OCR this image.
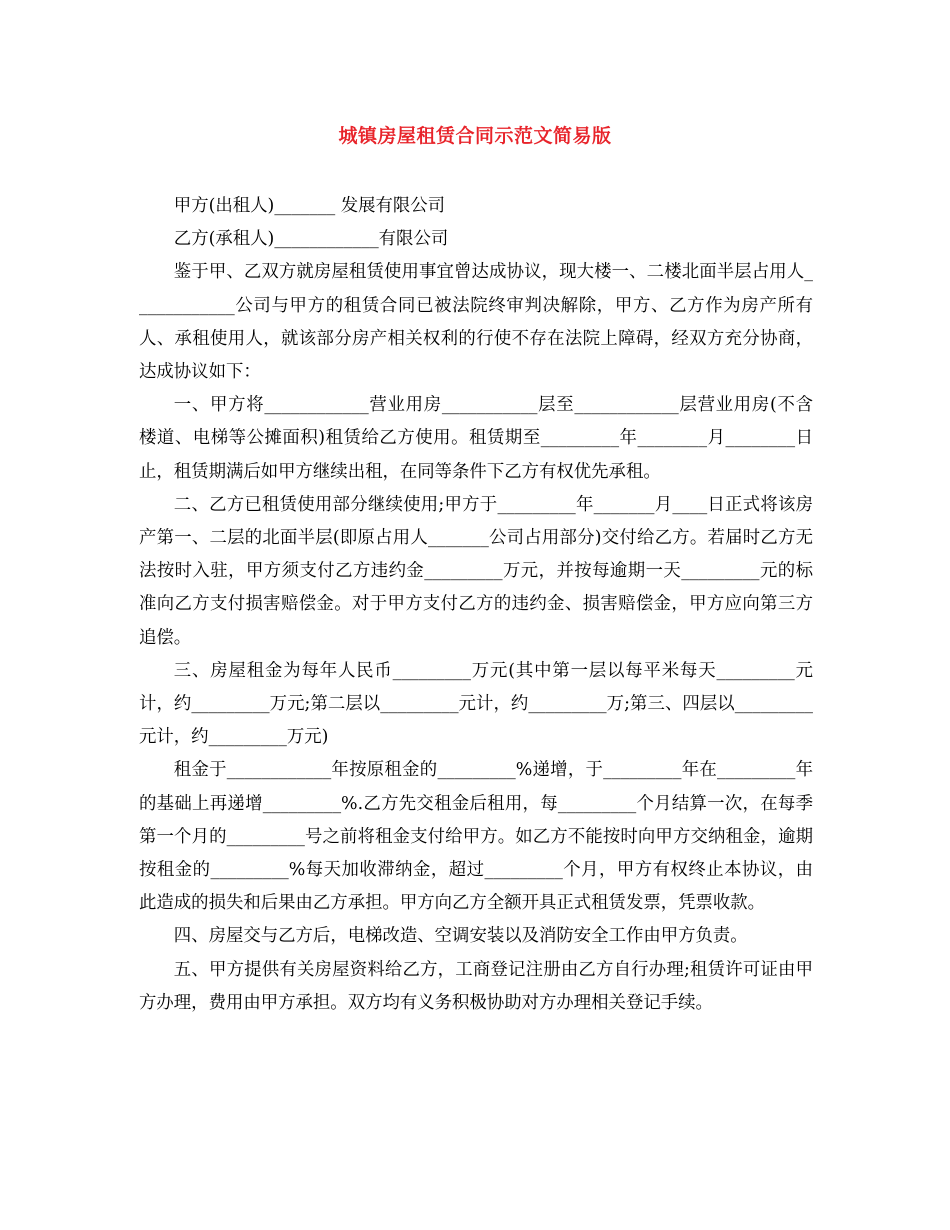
城镇房屋租赁合同示范文简易版

甲方(出租人)_______ 发展有限公司

乙方(承租人)____________有限公司

鉴于甲、乙双方就房屋租赁使用事宜曾达成协议，现大楼一、二楼北面半层占用人____________公司与甲方的租赁合同已被法院终审判决解除，甲方、乙方作为房产所有人、承租使用人，就该部分房产相关权利的行使不存在法院上障碍，经双方充分协商，达成协议如下：

一、甲方将____________营业用房___________层至____________层营业用房(不含楼道、电梯等公摊面积)租赁给乙方使用。租赁期至_________年________月________日止，租赁期满后如甲方继续出租，在同等条件下乙方有权优先承租。

二、乙方已租赁使用部分继续使用;甲方于_________年_______月____日正式将该房产第一、二层的北面半层(即原占用人_______公司占用部分)交付给乙方。若届时乙方无法按时入驻，甲方须支付乙方违约金_________万元，并按每逾期一天_________元的标准向乙方支付损害赔偿金。对于甲方支付乙方的违约金、损害赔偿金，甲方应向第三方追偿。

三、房屋租金为每年人民币_________万元(其中第一层以每平米每天_________元计，约_________万元;第二层以_________元计，约_________万;第三、四层以_________元计，约_________万元)

租金于____________年按原租金的_________%递增，于_________年在_________年的基础上再递增_________%.乙方先交租金后租用，每_________个月结算一次，在每季第一个月的_________号之前将租金支付给甲方。如乙方不能按时向甲方交纳租金，逾期按租金的_________%每天加收滞纳金，超过_________个月，甲方有权终止本协议，由此造成的损失和后果由乙方承担。甲方向乙方全额开具正式租赁发票，凭票收款。

四、房屋交与乙方后，电梯改造、空调安装以及消防安全工作由甲方负责。

五、甲方提供有关房屋资料给乙方，工商登记注册由乙方自行办理;租赁许可证由甲方办理，费用由甲方承担。双方均有义务积极协助对方办理相关登记手续。
